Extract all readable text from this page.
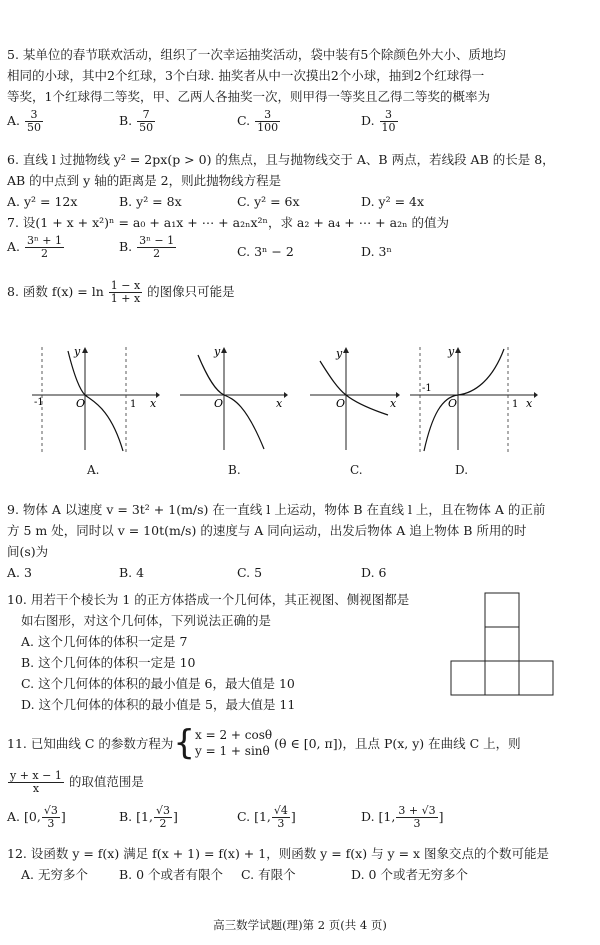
5. 某单位的春节联欢活动，组织了一次幸运抽奖活动，袋中装有5个除颜色外大小、质地均
相同的小球，其中2个红球，3个白球. 抽奖者从中一次摸出2个小球，抽到2个红球得一
等奖，1个红球得二等奖，甲、乙两人各抽奖一次，则甲得一等奖且乙得二等奖的概率为
A. $\frac{3}{50}$	B. $\frac{7}{50}$	C. $\frac{3}{100}$	D. $\frac{3}{10}$
6. 直线 l 过抛物线 y² = 2px(p > 0) 的焦点，且与抛物线交于 A、B 两点，若线段 AB 的长是 8，
AB 的中点到 y 轴的距离是 2，则此抛物线方程是
A. y² = 12x	B. y² = 8x	C. y² = 6x	D. y² = 4x
7. 设(1 + x + x²)ⁿ = a₀ + a₁x + ⋯ + a₂ₙx²ⁿ，求 a₂ + a₄ + ⋯ + a₂ₙ 的值为
A. $\frac{\text{3ⁿ + 1}}{2}$	B. $\frac{\text{3ⁿ − 1}}{2}$	C. 3ⁿ − 2	D. 3ⁿ
8. 函数 $f(x) = \ln \frac{1 - x}{1 + x}$ 的图像只可能是
y
x
O
-1	1
y
x
O
y
x
O
y
x
O
-1
1
A.	B.	C.	D.
9. 物体 A 以速度 v = 3t² + 1(m/s) 在一直线 l 上运动，物体 B 在直线 l 上，且在物体 A 的正前
方 5 m 处，同时以 v = 10t(m/s) 的速度与 A 同向运动，出发后物体 A 追上物体 B 所用的时
间(s)为
A. 3	B. 4	C. 5	D. 6
10. 用若干个棱长为 1 的正方体搭成一个几何体，其正视图、侧视图都是
如右图形，对这个几何体，下列说法正确的是
A. 这个几何体的体积一定是 7
B. 这个几何体的体积一定是 10
C. 这个几何体的体积的最小值是 6，最大值是 10
D. 这个几何体的体积的最小值是 5，最大值是 11
11. 已知曲线 C 的参数方程为 { x = 2 + cosθ
y = 1 + sinθ
(θ ∈ [0, π])，且点 P(x, y) 在曲线 C 上，则
$\frac{y + x - 1}{x}$ 的取值范围是
A. [0, $\frac{√3}{3}$ ]	B. [1, $\frac{√3}{2}$ ]	C. [1, $\frac{√4}{3}$ ]	D. [1, $\frac{3 + √3}{3}$ ]
12. 设函数 y = f(x) 满足 f(x + 1) = f(x) + 1，则函数 y = f(x) 与 y = x 图象交点的个数可能是
A. 无穷多个	B. 0 个或者有限个	C. 有限个	D. 0 个或者无穷多个
高三数学试题(理)第 2 页(共 4 页)
